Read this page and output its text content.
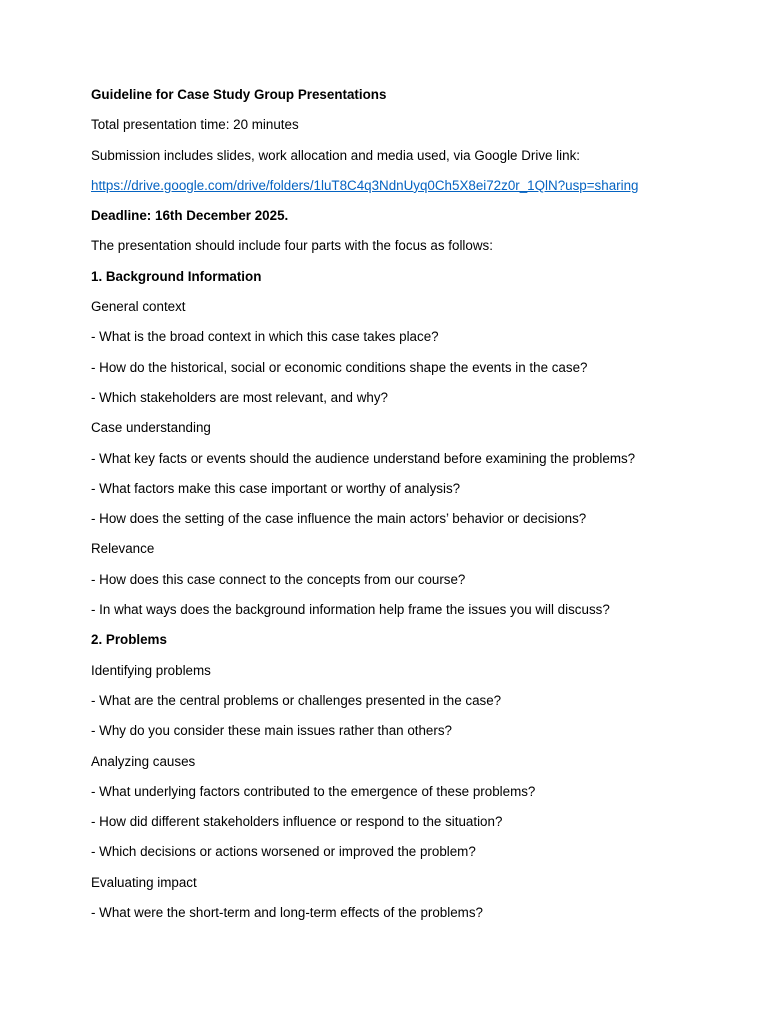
Guideline for Case Study Group Presentations
Total presentation time: 20 minutes
Submission includes slides, work allocation and media used, via Google Drive link:
https://drive.google.com/drive/folders/1luT8C4q3NdnUyq0Ch5X8ei72z0r_1QlN?usp=sharing
Deadline: 16th December 2025.
The presentation should include four parts with the focus as follows:
1. Background Information
General context
- What is the broad context in which this case takes place?
- How do the historical, social or economic conditions shape the events in the case?
- Which stakeholders are most relevant, and why?
Case understanding
- What key facts or events should the audience understand before examining the problems?
- What factors make this case important or worthy of analysis?
- How does the setting of the case influence the main actors’ behavior or decisions?
Relevance
- How does this case connect to the concepts from our course?
- In what ways does the background information help frame the issues you will discuss?
2. Problems
Identifying problems
- What are the central problems or challenges presented in the case?
- Why do you consider these main issues rather than others?
Analyzing causes
- What underlying factors contributed to the emergence of these problems?
- How did different stakeholders influence or respond to the situation?
- Which decisions or actions worsened or improved the problem?
Evaluating impact
- What were the short-term and long-term effects of the problems?
